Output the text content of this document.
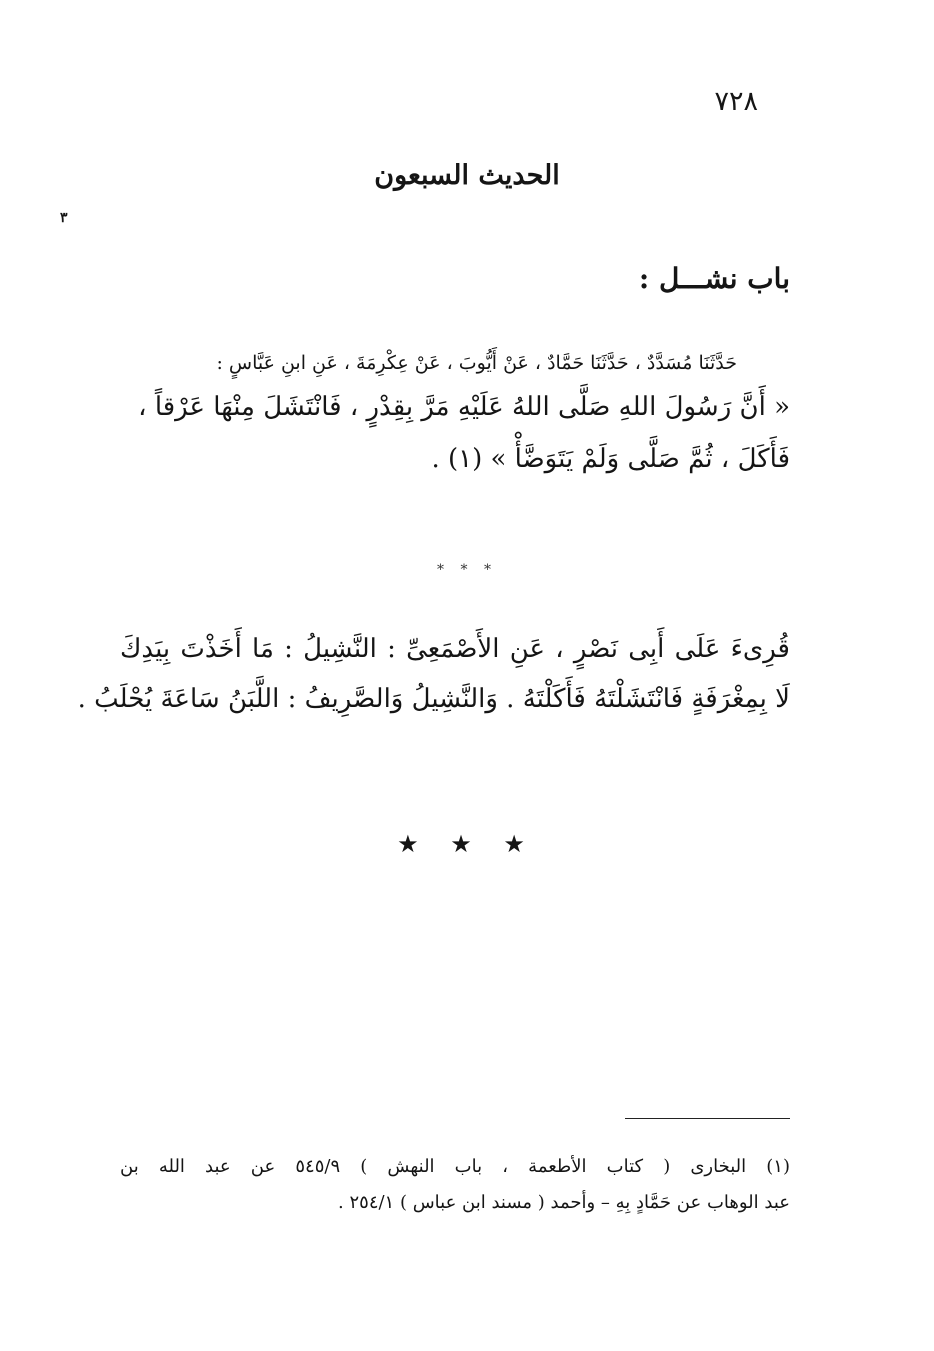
٧٢٨
الحديث السبعون
٣
باب نشـــل :
حَدَّثَنَا مُسَدَّدٌ ، حَدَّثَنَا حَمَّادٌ ، عَنْ أَيُّوبَ ، عَنْ عِكْرِمَةَ ، عَنِ ابنِ عَبَّاسٍ :
« أَنَّ رَسُولَ اللهِ صَلَّى اللهُ عَلَيْهِ مَرَّ بِقِدْرٍ ، فَانْتَشَلَ مِنْهَا عَرْقاً ،
فَأَكَلَ ، ثُمَّ صَلَّى وَلَمْ يَتَوَضَّأْ » (١) .
* * *
قُرِىءَ عَلَى أَبِى نَصْرٍ ، عَنِ الأَصْمَعِىِّ : النَّشِيلُ : مَا أَخَذْتَ بِيَدِكَ
لَا بِمِغْرَفَةٍ فَانْتَشَلْتَهُ فَأَكَلْتَهُ . وَالنَّشِيلُ وَالصَّرِيفُ : اللَّبَنُ سَاعَةَ يُحْلَبُ .
★ ★ ★
(١) البخارى ( كتاب الأطعمة ، باب النهش ) ٥٤٥/٩ عن عبد الله بن
عبد الوهاب عن حَمَّادٍ بِهِ – وأحمد ( مسند ابن عباس ) ٢٥٤/١ .
